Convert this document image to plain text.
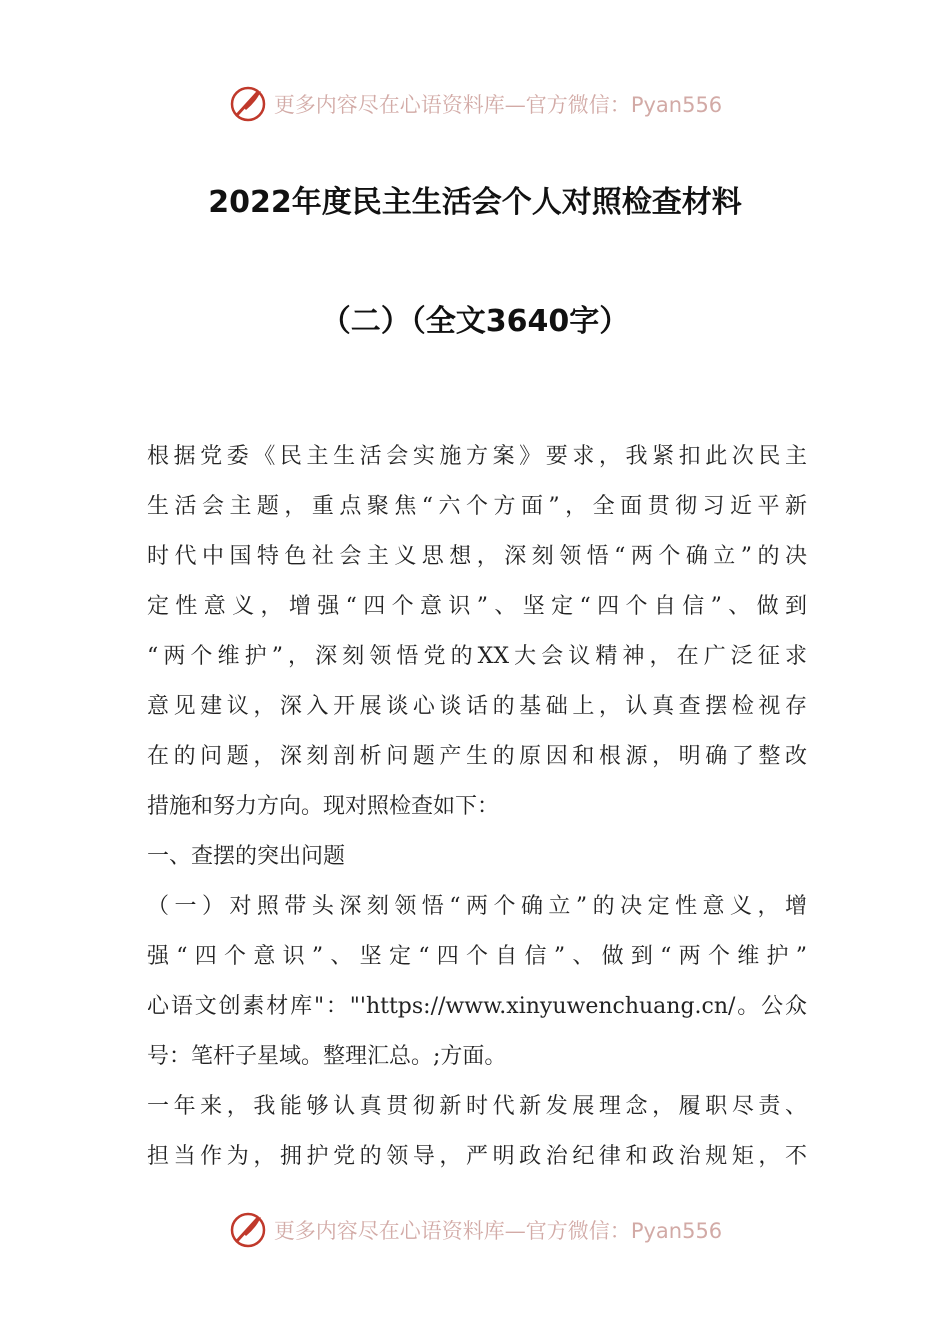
更多内容尽在心语资料库—官方微信：Pyan556
2022年度民主生活会个人对照检查材料
（二）（全文3640字）
根据党委《民主生活会实施方案》要求，我紧扣此次民主
生活会主题，重点聚焦“六个方面”，全面贯彻习近平新
时代中国特色社会主义思想，深刻领悟“两个确立”的决
定性意义，增强“四个意识”、坚定“四个自信”、做到
“两个维护”，深刻领悟党的XX大会议精神，在广泛征求
意见建议，深入开展谈心谈话的基础上，认真查摆检视存
在的问题，深刻剖析问题产生的原因和根源，明确了整改
措施和努力方向。现对照检查如下：
一、查摆的突出问题
（一）对照带头深刻领悟“两个确立”的决定性意义，增
强“四个意识”、坚定“四个自信”、做到“两个维护”
心语文创素材库"："'https://www.xinyuwenchuang.cn/。公众
号：笔杆子星域。整理汇总。;方面。
一年来，我能够认真贯彻新时代新发展理念，履职尽责、
担当作为，拥护党的领导，严明政治纪律和政治规矩，不
更多内容尽在心语资料库—官方微信：Pyan556
